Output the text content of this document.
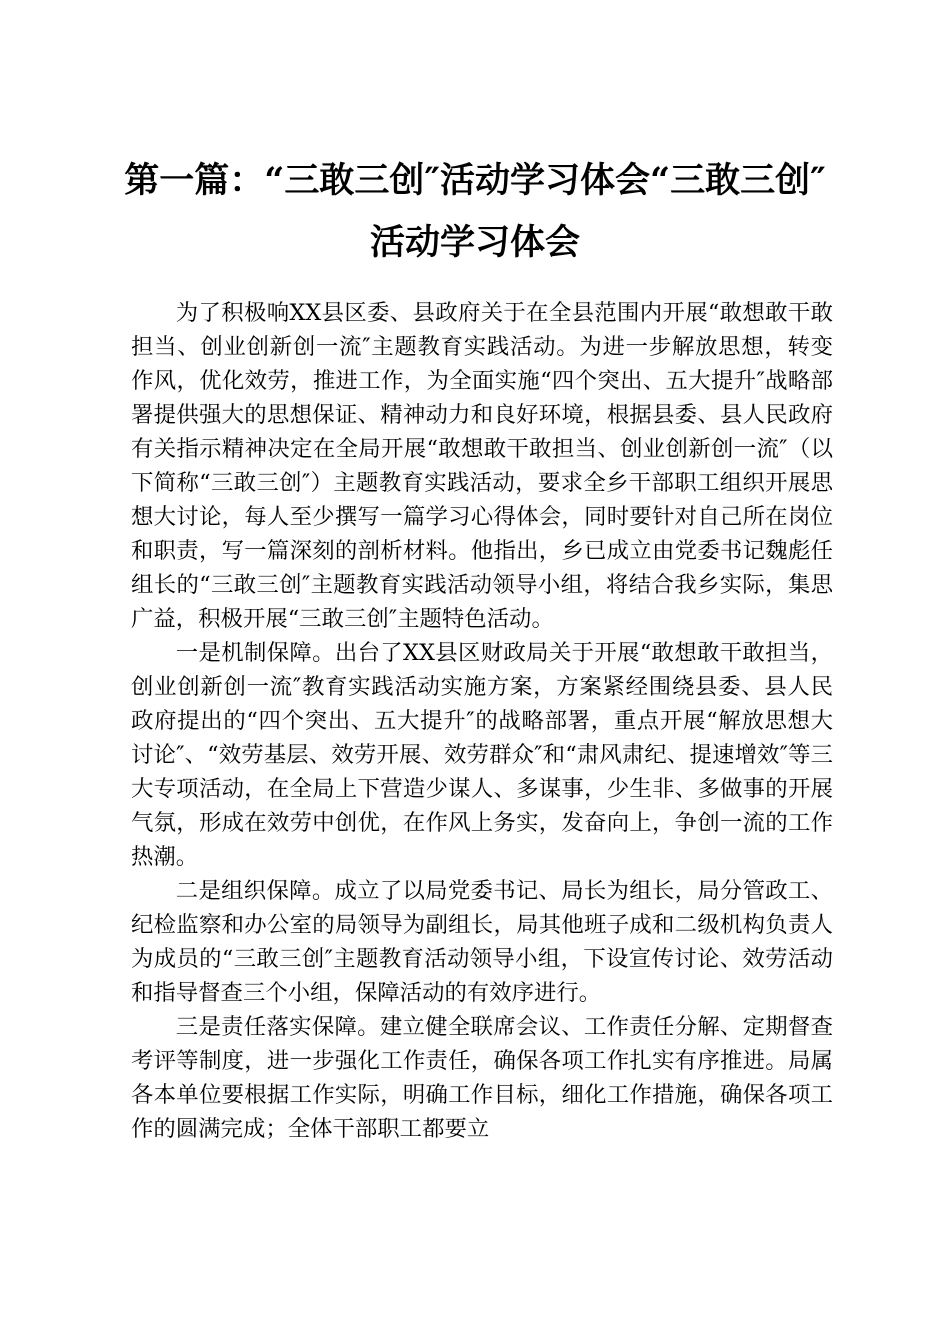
第一篇：“三敢三创″活动学习体会“三敢三创″活动学习体会

为了积极响XX县区委、县政府关于在全县范围内开展“敢想敢干敢担当、创业创新创一流″主题教育实践活动。为进一步解放思想，转变作风，优化效劳，推进工作，为全面实施“四个突出、五大提升″战略部署提供强大的思想保证、精神动力和良好环境，根据县委、县人民政府有关指示精神决定在全局开展“敢想敢干敢担当、创业创新创一流″（以下简称“三敢三创″）主题教育实践活动，要求全乡干部职工组织开展思想大讨论，每人至少撰写一篇学习心得体会，同时要针对自己所在岗位和职责，写一篇深刻的剖析材料。他指出，乡已成立由党委书记魏彪任组长的“三敢三创″主题教育实践活动领导小组，将结合我乡实际，集思广益，积极开展“三敢三创″主题特色活动。

一是机制保障。出台了XX县区财政局关于开展“敢想敢干敢担当，创业创新创一流″教育实践活动实施方案，方案紧经围绕县委、县人民政府提出的“四个突出、五大提升″的战略部署，重点开展“解放思想大讨论″、“效劳基层、效劳开展、效劳群众″和“肃风肃纪、提速增效″等三大专项活动，在全局上下营造少谋人、多谋事，少生非、多做事的开展气氛，形成在效劳中创优，在作风上务实，发奋向上，争创一流的工作热潮。

二是组织保障。成立了以局党委书记、局长为组长，局分管政工、纪检监察和办公室的局领导为副组长，局其他班子成和二级机构负责人为成员的“三敢三创″主题教育活动领导小组，下设宣传讨论、效劳活动和指导督查三个小组，保障活动的有效序进行。

三是责任落实保障。建立健全联席会议、工作责任分解、定期督查考评等制度，进一步强化工作责任，确保各项工作扎实有序推进。局属各本单位要根据工作实际，明确工作目标，细化工作措施，确保各项工作的圆满完成；全体干部职工都要立
